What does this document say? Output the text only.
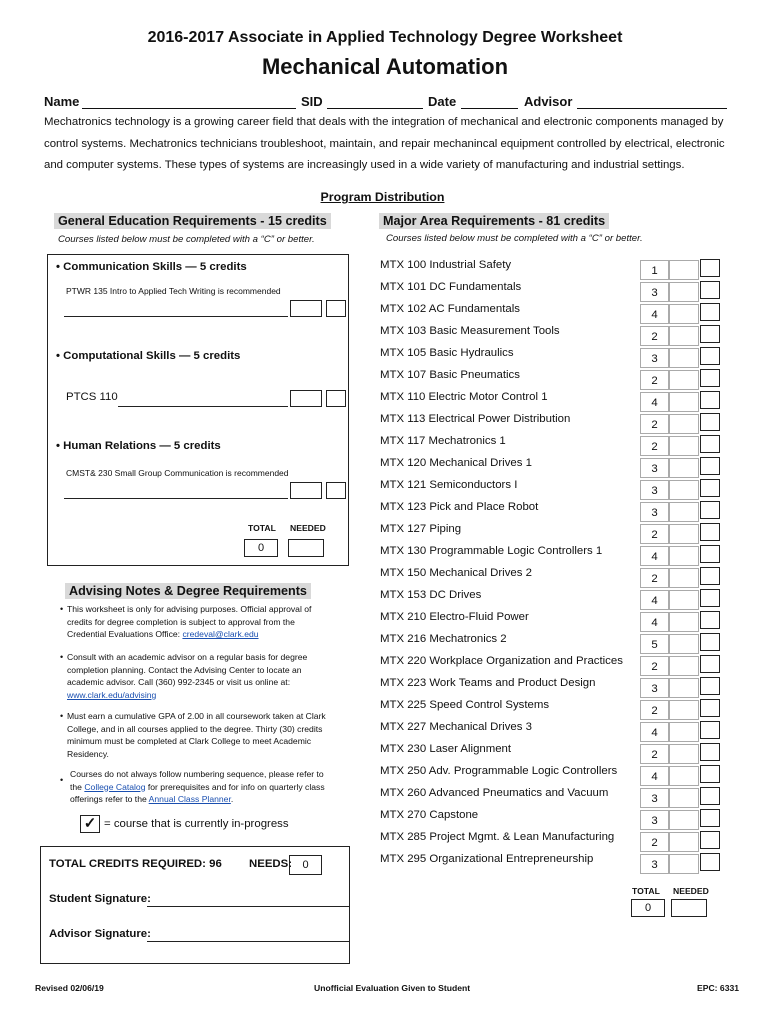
2016-2017 Associate in Applied Technology Degree Worksheet
Mechanical Automation
Name	SID	Date	Advisor
Mechatronics technology is a growing career field that deals with the integration of mechanical and electronic components managed by control systems. Mechatronics technicians troubleshoot, maintain, and repair mechanincal equipment controlled by electrical, electronic and computer systems. These types of systems are increasingly used in a wide variety of manufacturing and industrial settings.
Program Distribution
General Education Requirements - 15 credits
Courses listed below must be completed with a “C” or better.
• Communication Skills — 5 credits
PTWR 135 Intro to Applied Tech Writing is recommended
• Computational Skills — 5 credits
PTCS 110
• Human Relations — 5 credits
CMST& 230 Small Group Communication is recommended
TOTAL NEEDED
0
Advising Notes & Degree Requirements
• This worksheet is only for advising purposes. Official approval of credits for degree completion is subject to approval from the Credential Evaluations Office: credeval@clark.edu
• Consult with an academic advisor on a regular basis for degree completion planning. Contact the Advising Center to locate an academic advisor. Call (360) 992-2345 or visit us online at: www.clark.edu/advising
• Must earn a cumulative GPA of 2.00 in all coursework taken at Clark College, and in all courses applied to the degree. Thirty (30) credits minimum must be completed at Clark College to meet Academic Residency.
•
Courses do not always follow numbering sequence, please refer to the College Catalog for prerequisites and for info on quarterly class offerings refer to the Annual Class Planner.
✓ = course that is currently in-progress
TOTAL CREDITS REQUIRED: 96 NEEDS: 0
Student Signature:
Advisor Signature:
Major Area Requirements - 81 credits
Courses listed below must be completed with a “C” or better.
MTX 100 Industrial Safety	1
MTX 101 DC Fundamentals	3
MTX 102 AC Fundamentals	4
MTX 103 Basic Measurement Tools	2
MTX 105 Basic Hydraulics	3
MTX 107 Basic Pneumatics	2
MTX 110 Electric Motor Control 1	4
MTX 113 Electrical Power Distribution	2
MTX 117 Mechatronics 1	2
MTX 120 Mechanical Drives 1	3
MTX 121 Semiconductors I	3
MTX 123 Pick and Place Robot	3
MTX 127 Piping	2
MTX 130 Programmable Logic Controllers 1	4
MTX 150 Mechanical Drives 2	2
MTX 153 DC Drives	4
MTX 210 Electro-Fluid Power	4
MTX 216 Mechatronics 2	5
MTX 220 Workplace Organization and Practices	2
MTX 223 Work Teams and Product Design	3
MTX 225 Speed Control Systems	2
MTX 227 Mechanical Drives 3	4
MTX 230 Laser Alignment	2
MTX 250 Adv. Programmable Logic Controllers	4
MTX 260 Advanced Pneumatics and Vacuum	3
MTX 270 Capstone	3
MTX 285 Project Mgmt. & Lean Manufacturing	2
MTX 295 Organizational Entrepreneurship	3
TOTAL NEEDED
0
Revised 02/06/19	Unofficial Evaluation Given to Student	EPC: 6331
